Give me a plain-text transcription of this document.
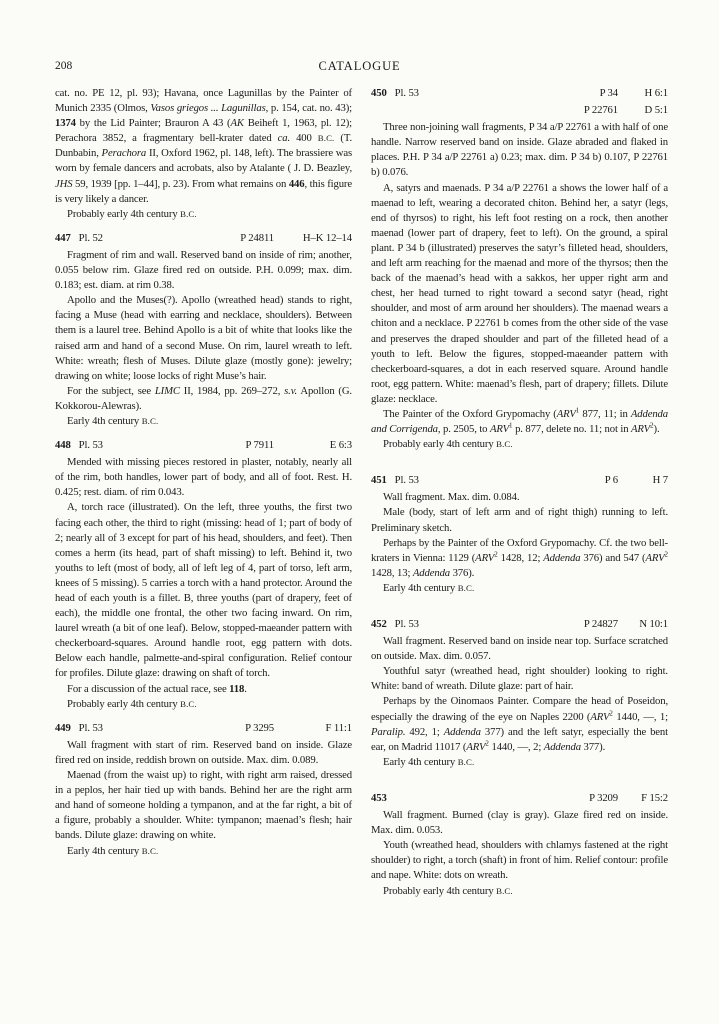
208	CATALOGUE

cat. no. PE 12, pl. 93); Havana, once Lagunillas by the Painter of Munich 2335 (Olmos, Vasos griegos ... Lagunillas, p. 154, cat. no. 43); 1374 by the Lid Painter; Brauron A 43 (AK Beiheft 1, 1963, pl. 12); Perachora 3852, a fragmentary bell-krater dated ca. 400 B.C. (T. Dunbabin, Perachora II, Oxford 1962, pl. 148, left). The brassiere was worn by female dancers and acrobats, also by Atalante ( J. D. Beazley, JHS 59, 1939 [pp. 1–44], p. 23). From what remains on 446, this figure is very likely a dancer.

Probably early 4th century B.C.

447 Pl. 52	P 24811	H–K 12–14

Fragment of rim and wall. Reserved band on inside of rim; another, 0.055 below rim. Glaze fired red on outside. P.H. 0.099; max. dim. 0.183; est. diam. at rim 0.38.

Apollo and the Muses(?). Apollo (wreathed head) stands to right, facing a Muse (head with earring and necklace, shoulders). Between them is a laurel tree. Behind Apollo is a bit of white that looks like the raised arm and hand of a second Muse. On rim, laurel wreath to left. White: wreath; flesh of Muses. Dilute glaze (mostly gone): jewelry; drawing on white; loose locks of right Muse’s hair.

For the subject, see LIMC II, 1984, pp. 269–272, s.v. Apollon (G. Kokkorou-Alewras).

Early 4th century B.C.

448 Pl. 53	P 7911	E 6:3

Mended with missing pieces restored in plaster, notably, nearly all of the rim, both handles, lower part of body, and all of foot. Rest. H. 0.425; rest. diam. of rim 0.043.

A, torch race (illustrated). On the left, three youths, the first two facing each other, the third to right (missing: head of 1; part of body of 2; nearly all of 3 except for part of his head, shoulders, and feet). Then comes a herm (its head, part of shaft missing) to left. Behind it, two youths to left (most of body, all of left leg of 4, part of torso, left arm, knees of 5 missing). 5 carries a torch with a hand protector. Around the head of each youth is a fillet. B, three youths (part of drapery, feet of each), the middle one frontal, the other two facing inward. On rim, laurel wreath (a bit of one leaf). Below, stopped-maeander pattern with checkerboard-squares. Around handle root, egg pattern with dots. Below each handle, palmette-and-spiral configuration. Relief contour for profiles. Dilute glaze: drawing on shaft of torch.

For a discussion of the actual race, see 118.

Probably early 4th century B.C.

449 Pl. 53	P 3295	F 11:1

Wall fragment with start of rim. Reserved band on inside. Glaze fired red on inside, reddish brown on outside. Max. dim. 0.089.

Maenad (from the waist up) to right, with right arm raised, dressed in a peplos, her hair tied up with bands. Behind her are the right arm and hand of someone holding a tympanon, and at the far right, a bit of a figure, probably a shoulder. White: tympanon; maenad’s flesh; hair bands. Dilute glaze: drawing on white.

Early 4th century B.C.

450 Pl. 53	P 34	H 6:1
P 22761	D 5:1

Three non-joining wall fragments, P 34 a/P 22761 a with half of one handle. Narrow reserved band on inside. Glaze abraded and flaked in places. P.H. P 34 a/P 22761 a) 0.23; max. dim. P 34 b) 0.107, P 22761 b) 0.076.

A, satyrs and maenads. P 34 a/P 22761 a shows the lower half of a maenad to left, wearing a decorated chiton. Behind her, a satyr (legs, end of thyrsos) to right, his left foot resting on a rock, then another maenad (lower part of drapery, feet to left). On the ground, a spiral plant. P 34 b (illustrated) preserves the satyr’s filleted head, shoulders, and left arm reaching for the maenad and more of the thyrsos; then the back of the maenad’s head with a sakkos, her upper right arm and chest, her head turned to right toward a second satyr (head, right shoulder, and most of arm around her shoulders). The maenad wears a chiton and a necklace. P 22761 b comes from the other side of the vase and preserves the draped shoulder and part of the filleted head of a youth to left. Below the figures, stopped-maeander pattern with checkerboard-squares, a dot in each reserved square. Around handle root, egg pattern. White: maenad’s flesh, part of drapery; fillets. Dilute glaze: necklace.

The Painter of the Oxford Grypomachy (ARV$^1$ 877, 11; in Addenda and Corrigenda, p. 2505, to ARV$^1$ p. 877, delete no. 11; not in ARV$^2$).

Probably early 4th century B.C.

451 Pl. 53	P 6	H 7

Wall fragment. Max. dim. 0.084.

Male (body, start of left arm and of right thigh) running to left. Preliminary sketch.

Perhaps by the Painter of the Oxford Grypomachy. Cf. the two bell-kraters in Vienna: 1129 (ARV$^2$ 1428, 12; Addenda 376) and 547 (ARV$^2$ 1428, 13; Addenda 376).

Early 4th century B.C.

452 Pl. 53	P 24827	N 10:1

Wall fragment. Reserved band on inside near top. Surface scratched on outside. Max. dim. 0.057.

Youthful satyr (wreathed head, right shoulder) looking to right. White: band of wreath. Dilute glaze: part of hair.

Perhaps by the Oinomaos Painter. Compare the head of Poseidon, especially the drawing of the eye on Naples 2200 (ARV$^2$ 1440, —, 1; Paralip. 492, 1; Addenda 377) and the left satyr, especially the bent ear, on Madrid 11017 (ARV$^2$ 1440, —, 2; Addenda 377).

Early 4th century B.C.

453	P 3209	F 15:2

Wall fragment. Burned (clay is gray). Glaze fired red on inside. Max. dim. 0.053.

Youth (wreathed head, shoulders with chlamys fastened at the right shoulder) to right, a torch (shaft) in front of him. Relief contour: profile and nape. White: dots on wreath.

Probably early 4th century B.C.
